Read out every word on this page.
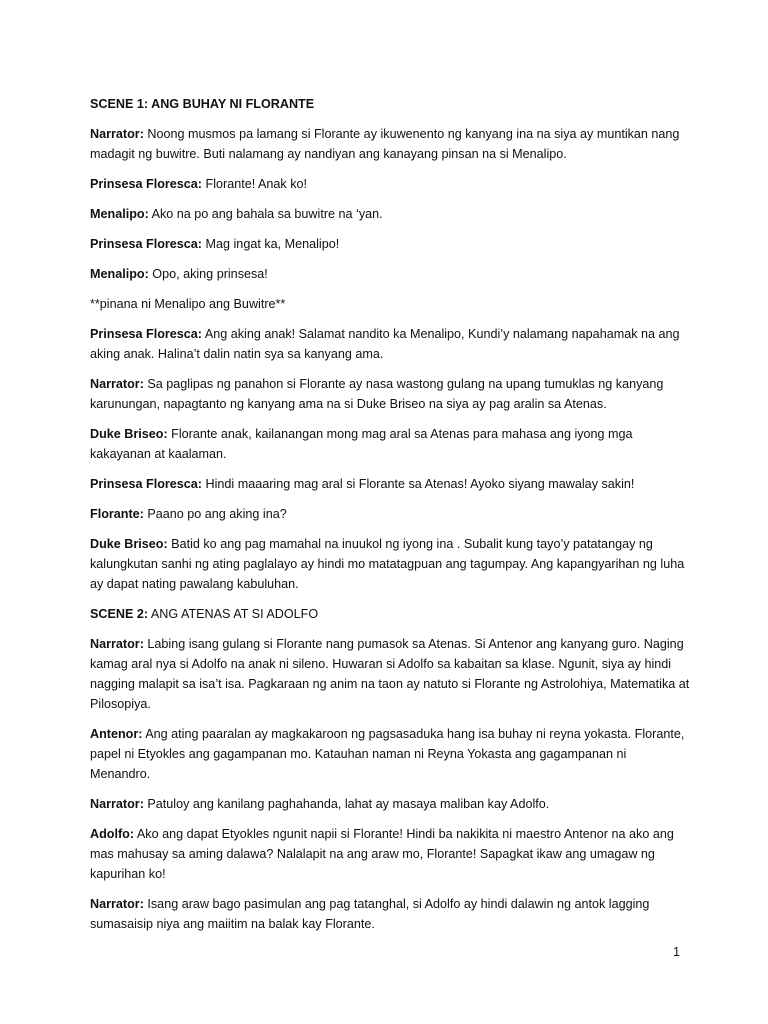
SCENE 1: ANG BUHAY NI FLORANTE

Narrator: Noong musmos pa lamang si Florante ay ikuwenento ng kanyang ina na siya ay muntikan nang madagit ng buwitre. Buti nalamang ay nandiyan ang kanayang pinsan na si Menalipo.

Prinsesa Floresca: Florante! Anak ko!

Menalipo: Ako na po ang bahala sa buwitre na ‘yan.

Prinsesa Floresca: Mag ingat ka, Menalipo!

Menalipo: Opo, aking prinsesa!

**pinana ni Menalipo ang Buwitre**

Prinsesa Floresca: Ang aking anak! Salamat nandito ka Menalipo, Kundi’y nalamang napahamak na ang aking anak. Halina’t dalin natin sya sa kanyang ama.

Narrator: Sa paglipas ng panahon si Florante ay nasa wastong gulang na upang tumuklas ng kanyang karunungan, napagtanto ng kanyang ama na si Duke Briseo na siya ay pag aralin sa Atenas.

Duke Briseo: Florante anak, kailanangan mong mag aral sa Atenas para mahasa ang iyong mga kakayanan at kaalaman.

Prinsesa Floresca: Hindi maaaring mag aral si Florante sa Atenas! Ayoko siyang mawalay sakin!

Florante: Paano po ang aking ina?

Duke Briseo: Batid ko ang pag mamahal na inuukol ng iyong ina . Subalit kung tayo’y patatangay ng kalungkutan sanhi ng ating paglalayo ay hindi mo matatagpuan ang tagumpay. Ang kapangyarihan ng luha ay dapat nating pawalang kabuluhan.

SCENE 2: ANG ATENAS AT SI ADOLFO

Narrator: Labing isang gulang si Florante nang pumasok sa Atenas. Si Antenor ang kanyang guro. Naging kamag aral nya si Adolfo na anak ni sileno. Huwaran si Adolfo sa kabaitan sa klase. Ngunit, siya ay hindi nagging malapit sa isa’t isa. Pagkaraan ng anim na taon ay natuto si Florante ng Astrolohiya, Matematika at Pilosopiya.

Antenor: Ang ating paaralan ay magkakaroon ng pagsasaduka hang isa buhay ni reyna yokasta. Florante, papel ni Etyokles ang gagampanan mo. Katauhan naman ni Reyna Yokasta ang gagampanan ni Menandro.

Narrator: Patuloy ang kanilang paghahanda, lahat ay masaya maliban kay Adolfo.

Adolfo: Ako ang dapat Etyokles ngunit napii si Florante! Hindi ba nakikita ni maestro Antenor na ako ang mas mahusay sa aming dalawa? Nalalapit na ang araw mo, Florante! Sapagkat ikaw ang umagaw ng kapurihan ko!

Narrator: Isang araw bago pasimulan ang pag tatanghal, si Adolfo ay hindi dalawin ng antok lagging sumasaisip niya ang maiitim na balak kay Florante.

1
